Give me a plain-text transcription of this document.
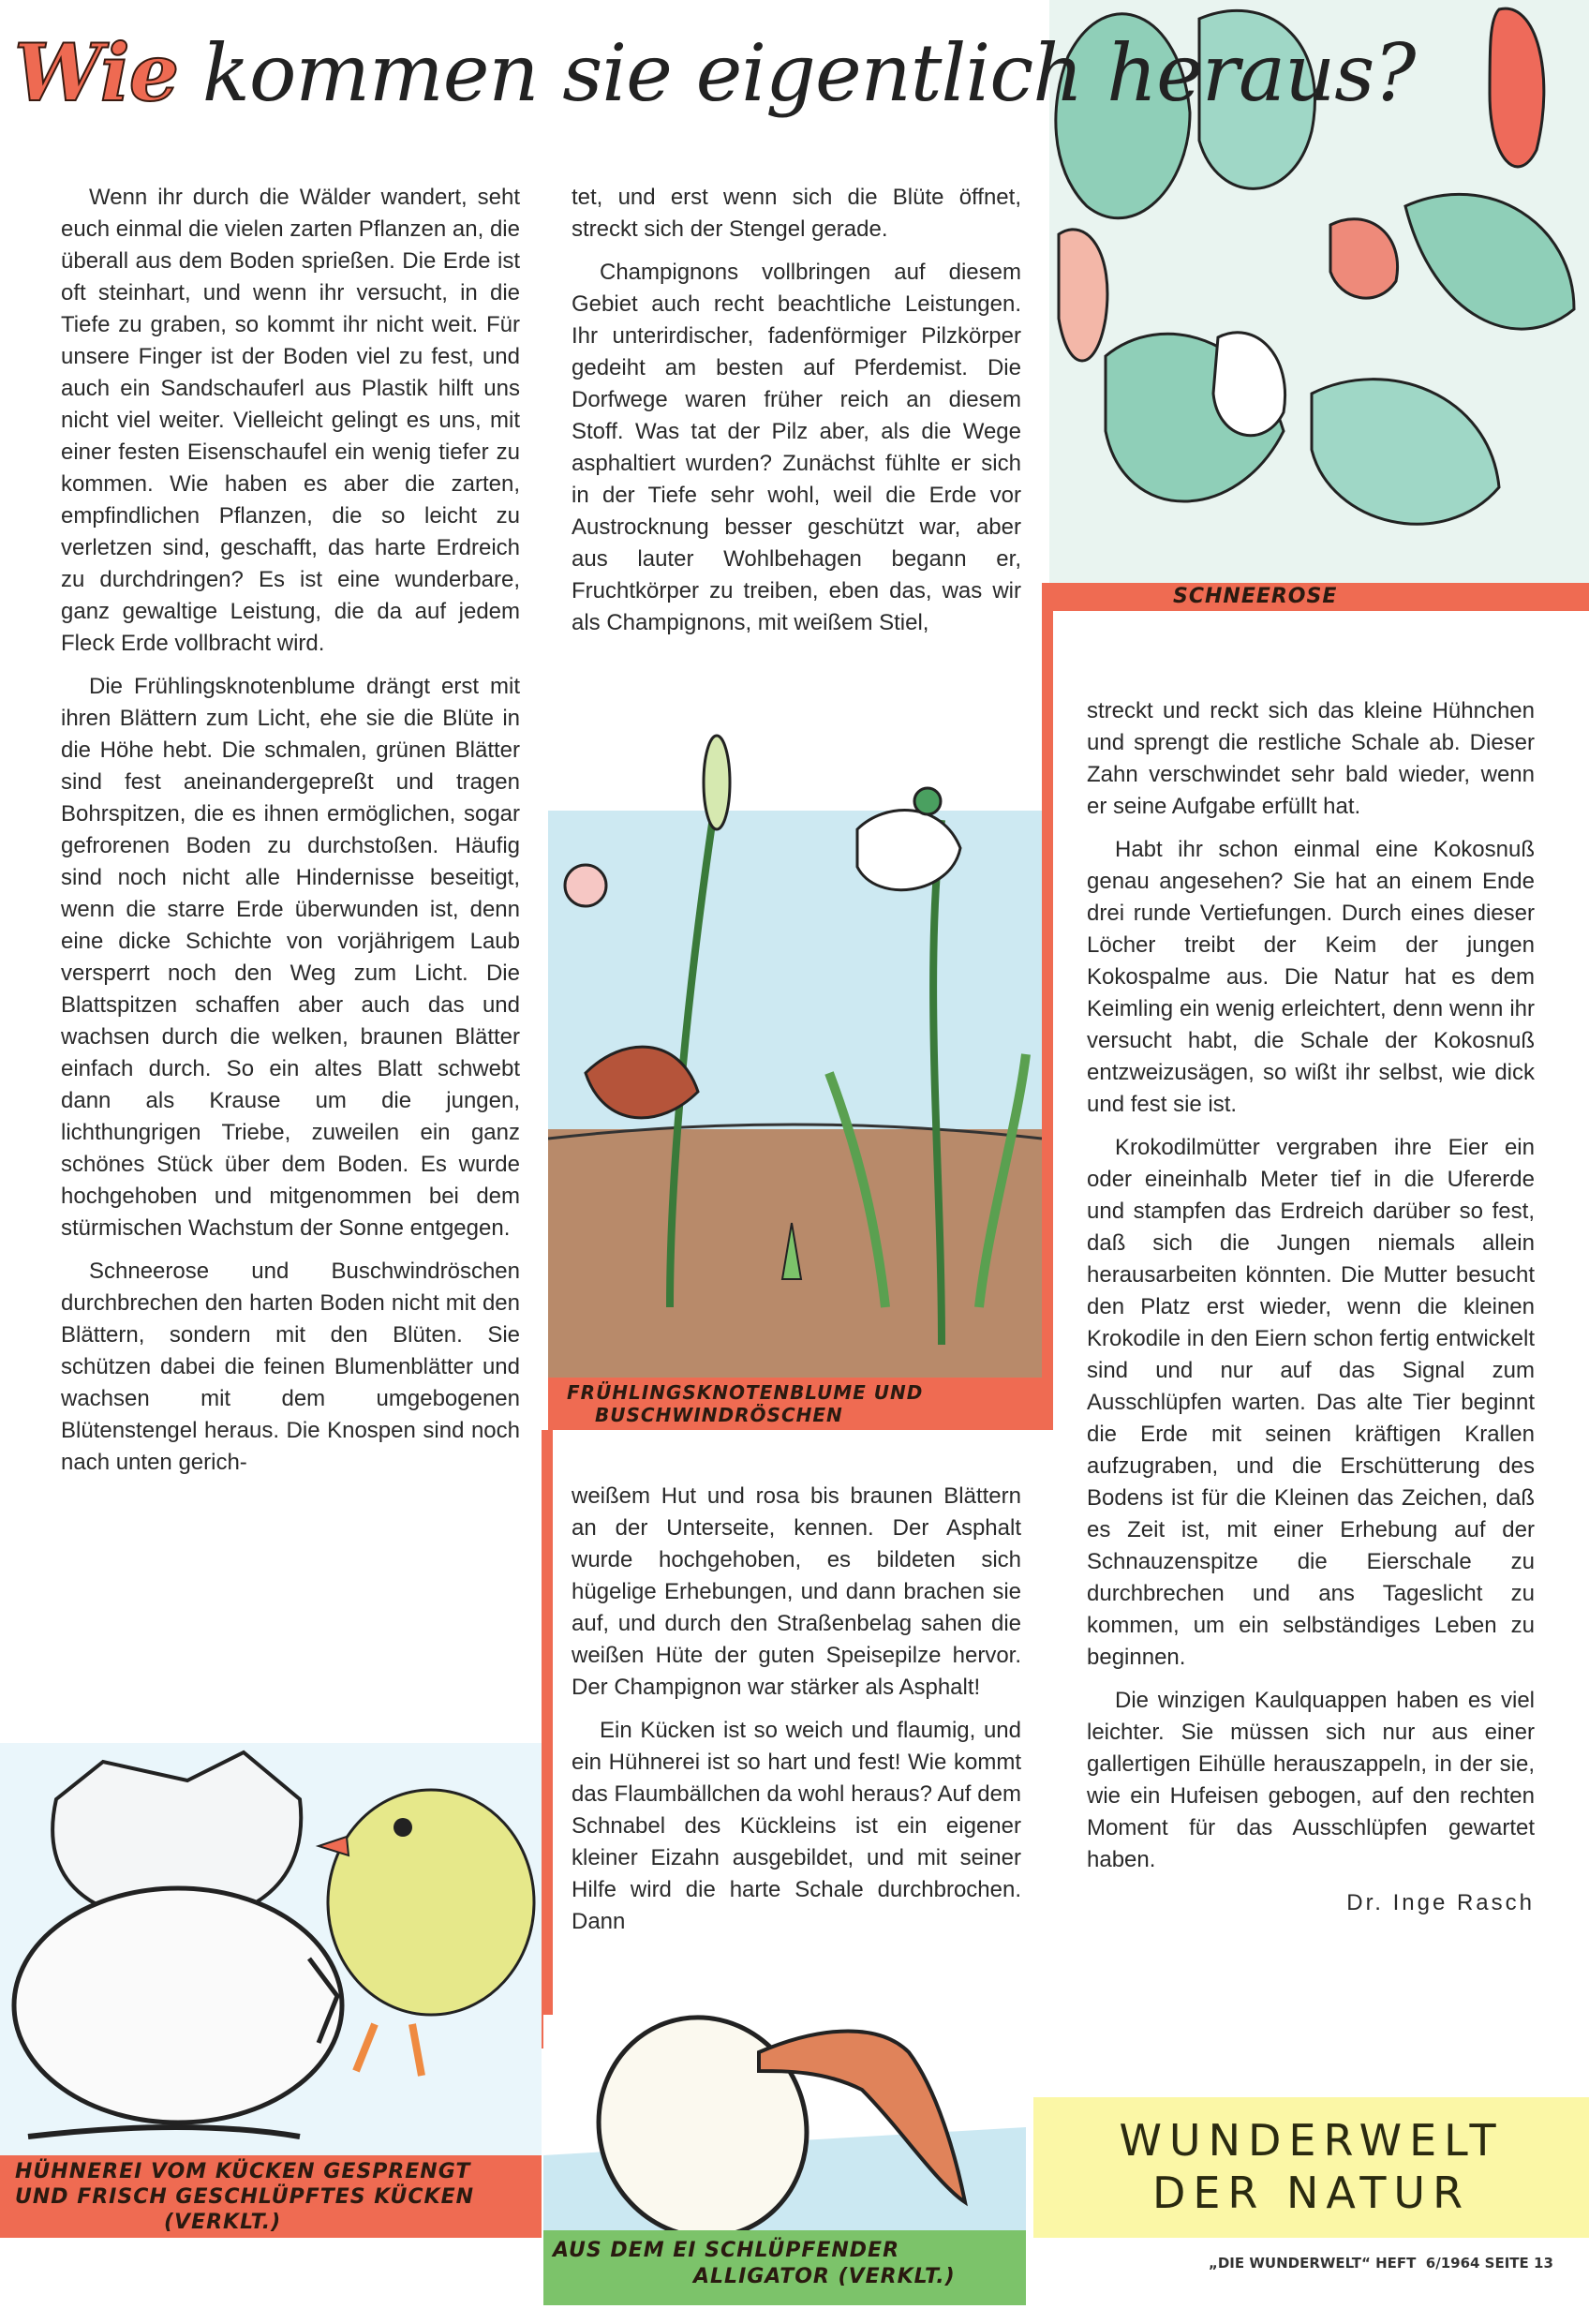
Wie kommen sie eigentlich heraus?
SCHNEEROSE

Wenn ihr durch die Wälder wandert, seht euch einmal die vielen zarten Pflanzen an, die überall aus dem Boden sprießen. Die Erde ist oft steinhart, und wenn ihr versucht, in die Tiefe zu graben, so kommt ihr nicht weit. Für unsere Finger ist der Boden viel zu fest, und auch ein Sandschauferl aus Plastik hilft uns nicht viel weiter. Vielleicht gelingt es uns, mit einer festen Eisenschaufel ein wenig tiefer zu kommen. Wie haben es aber die zarten, empfindlichen Pflanzen, die so leicht zu verletzen sind, geschafft, das harte Erdreich zu durchdringen? Es ist eine wunderbare, ganz gewaltige Leistung, die da auf jedem Fleck Erde vollbracht wird.

Die Frühlingsknotenblume drängt erst mit ihren Blättern zum Licht, ehe sie die Blüte in die Höhe hebt. Die schmalen, grünen Blätter sind fest aneinandergepreßt und tragen Bohrspitzen, die es ihnen ermöglichen, sogar gefrorenen Boden zu durchstoßen. Häufig sind noch nicht alle Hindernisse beseitigt, wenn die starre Erde überwunden ist, denn eine dicke Schichte von vorjährigem Laub versperrt noch den Weg zum Licht. Die Blattspitzen schaffen aber auch das und wachsen durch die welken, braunen Blätter einfach durch. So ein altes Blatt schwebt dann als Krause um die jungen, lichthungrigen Triebe, zuweilen ein ganz schönes Stück über dem Boden. Es wurde hochgehoben und mitgenommen bei dem stürmischen Wachstum der Sonne entgegen.

Schneerose und Buschwindröschen durchbrechen den harten Boden nicht mit den Blättern, sondern mit den Blüten. Sie schützen dabei die feinen Blumenblätter und wachsen mit dem umgebogenen Blütenstengel heraus. Die Knospen sind noch nach unten gerich-

tet, und erst wenn sich die Blüte öffnet, streckt sich der Stengel gerade.

Champignons vollbringen auf diesem Gebiet auch recht beachtliche Leistungen. Ihr unterirdischer, fadenförmiger Pilzkörper gedeiht am besten auf Pferdemist. Die Dorfwege waren früher reich an diesem Stoff. Was tat der Pilz aber, als die Wege asphaltiert wurden? Zunächst fühlte er sich in der Tiefe sehr wohl, weil die Erde vor Austrocknung besser geschützt war, aber aus lauter Wohlbehagen begann er, Fruchtkörper zu treiben, eben das, was wir als Champignons, mit weißem Stiel,

FRÜHLINGSKNOTENBLUME UND
BUSCHWINDRÖSCHEN

weißem Hut und rosa bis braunen Blättern an der Unterseite, kennen. Der Asphalt wurde hochgehoben, es bildeten sich hügelige Erhebungen, und dann brachen sie auf, und durch den Straßenbelag sahen die weißen Hüte der guten Speisepilze hervor. Der Champignon war stärker als Asphalt!

Ein Kücken ist so weich und flaumig, und ein Hühnerei ist so hart und fest! Wie kommt das Flaumbällchen da wohl heraus? Auf dem Schnabel des Kückleins ist ein eigener kleiner Eizahn ausgebildet, und mit seiner Hilfe wird die harte Schale durchbrochen. Dann

streckt und reckt sich das kleine Hühnchen und sprengt die restliche Schale ab. Dieser Zahn verschwindet sehr bald wieder, wenn er seine Aufgabe erfüllt hat.

Habt ihr schon einmal eine Kokosnuß genau angesehen? Sie hat an einem Ende drei runde Vertiefungen. Durch eines dieser Löcher treibt der Keim der jungen Kokospalme aus. Die Natur hat es dem Keimling ein wenig erleichtert, denn wenn ihr versucht habt, die Schale der Kokosnuß entzweizusägen, so wißt ihr selbst, wie dick und fest sie ist.

Krokodilmütter vergraben ihre Eier ein oder eineinhalb Meter tief in die Ufererde und stampfen das Erdreich darüber so fest, daß sich die Jungen niemals allein herausarbeiten könnten. Die Mutter besucht den Platz erst wieder, wenn die kleinen Krokodile in den Eiern schon fertig entwickelt sind und nur auf das Signal zum Ausschlüpfen warten. Das alte Tier beginnt die Erde mit seinen kräftigen Krallen aufzugraben, und die Erschütterung des Bodens ist für die Kleinen das Zeichen, daß es Zeit ist, mit einer Erhebung auf der Schnauzenspitze die Eierschale zu durchbrechen und ans Tageslicht zu kommen, um ein selbständiges Leben zu beginnen.

Die winzigen Kaulquappen haben es viel leichter. Sie müssen sich nur aus einer gallertigen Eihülle herauszappeln, in der sie, wie ein Hufeisen gebogen, auf den rechten Moment für das Ausschlüpfen gewartet haben.

Dr. Inge Rasch
HÜHNEREI VOM KÜCKEN GESPRENGT
UND FRISCH GESCHLÜPFTES KÜCKEN
(VERKLT.)
AUS DEM EI SCHLÜPFENDER
ALLIGATOR (VERKLT.)
WUNDERWELT
DER NATUR
„DIE WUNDERWELT“ HEFT  6/1964 SEITE 13
